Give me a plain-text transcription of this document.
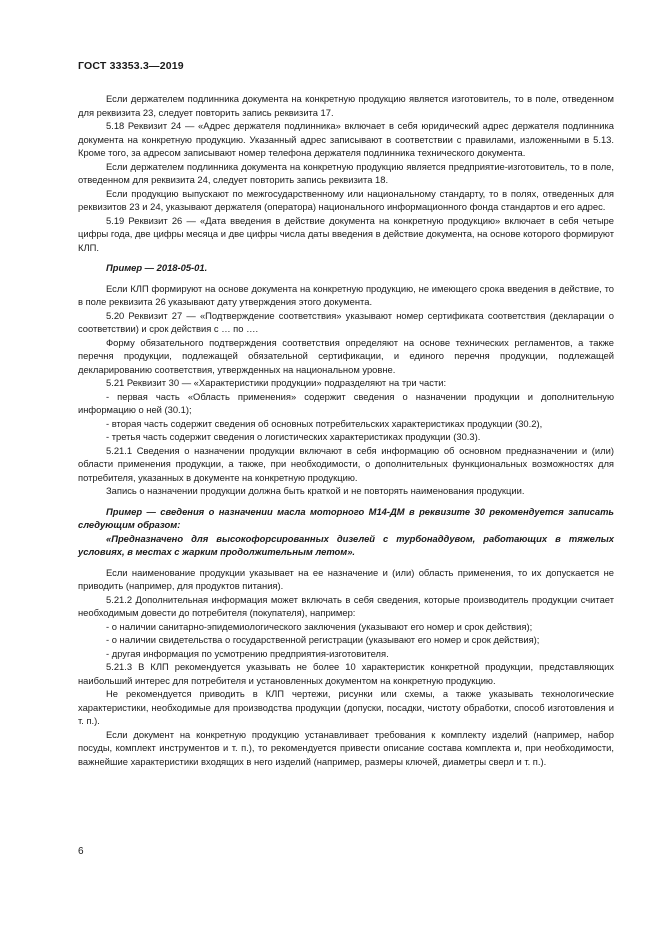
ГОСТ 33353.3—2019

Если держателем подлинника документа на конкретную продукцию является изготовитель, то в поле, отведенном для реквизита 23, следует повторить запись реквизита 17.

5.18 Реквизит 24 — «Адрес держателя подлинника» включает в себя юридический адрес держателя подлинника документа на конкретную продукцию. Указанный адрес записывают в соответствии с правилами, изложенными в 5.13. Кроме того, за адресом записывают номер телефона держателя подлинника технического документа.

Если держателем подлинника документа на конкретную продукцию является предприятие-изготовитель, то в поле, отведенном для реквизита 24, следует повторить запись реквизита 18.

Если продукцию выпускают по межгосударственному или национальному стандарту, то в полях, отведенных для реквизитов 23 и 24, указывают держателя (оператора) национального информационного фонда стандартов и его адрес.

5.19 Реквизит 26 — «Дата введения в действие документа на конкретную продукцию» включает в себя четыре цифры года, две цифры месяца и две цифры числа даты введения в действие документа, на основе которого формируют КЛП.

Пример — 2018-05-01.

Если КЛП формируют на основе документа на конкретную продукцию, не имеющего срока введения в действие, то в поле реквизита 26 указывают дату утверждения этого документа.

5.20 Реквизит 27 — «Подтверждение соответствия» указывают номер сертификата соответствия (декларации о соответствии) и срок действия с … по ….

Форму обязательного подтверждения соответствия определяют на основе технических регламентов, а также перечня продукции, подлежащей обязательной сертификации, и единого перечня продукции, подлежащей декларированию соответствия, утвержденных на национальном уровне.

5.21 Реквизит 30 — «Характеристики продукции» подразделяют на три части:

- первая часть «Область применения» содержит сведения о назначении продукции и дополнительную информацию о ней (30.1);

- вторая часть содержит сведения об основных потребительских характеристиках продукции (30.2),

- третья часть содержит сведения о логистических характеристиках продукции (30.3).

5.21.1 Сведения о назначении продукции включают в себя информацию об основном предназначении и (или) области применения продукции, а также, при необходимости, о дополнительных функциональных возможностях для потребителя, указанных в документе на конкретную продукцию.

Запись о назначении продукции должна быть краткой и не повторять наименования продукции.

Пример — сведения о назначении масла моторного М14-ДМ в реквизите 30 рекомендуется записать следующим образом:

«Предназначено для высокофорсированных дизелей с турбонаддувом, работающих в тяжелых условиях, в местах с жарким продолжительным летом».

Если наименование продукции указывает на ее назначение и (или) область применения, то их допускается не приводить (например, для продуктов питания).

5.21.2 Дополнительная информация может включать в себя сведения, которые производитель продукции считает необходимым довести до потребителя (покупателя), например:

- о наличии санитарно-эпидемиологического заключения (указывают его номер и срок действия);

- о наличии свидетельства о государственной регистрации (указывают его номер и срок действия);

- другая информация по усмотрению предприятия-изготовителя.

5.21.3 В КЛП рекомендуется указывать не более 10 характеристик конкретной продукции, представляющих наибольший интерес для потребителя и установленных документом на конкретную продукцию.

Не рекомендуется приводить в КЛП чертежи, рисунки или схемы, а также указывать технологические характеристики, необходимые для производства продукции (допуски, посадки, чистоту обработки, способ изготовления и т. п.).

Если документ на конкретную продукцию устанавливает требования к комплекту изделий (например, набор посуды, комплект инструментов и т. п.), то рекомендуется привести описание состава комплекта и, при необходимости, важнейшие характеристики входящих в него изделий (например, размеры ключей, диаметры сверл и т. п.).

6
